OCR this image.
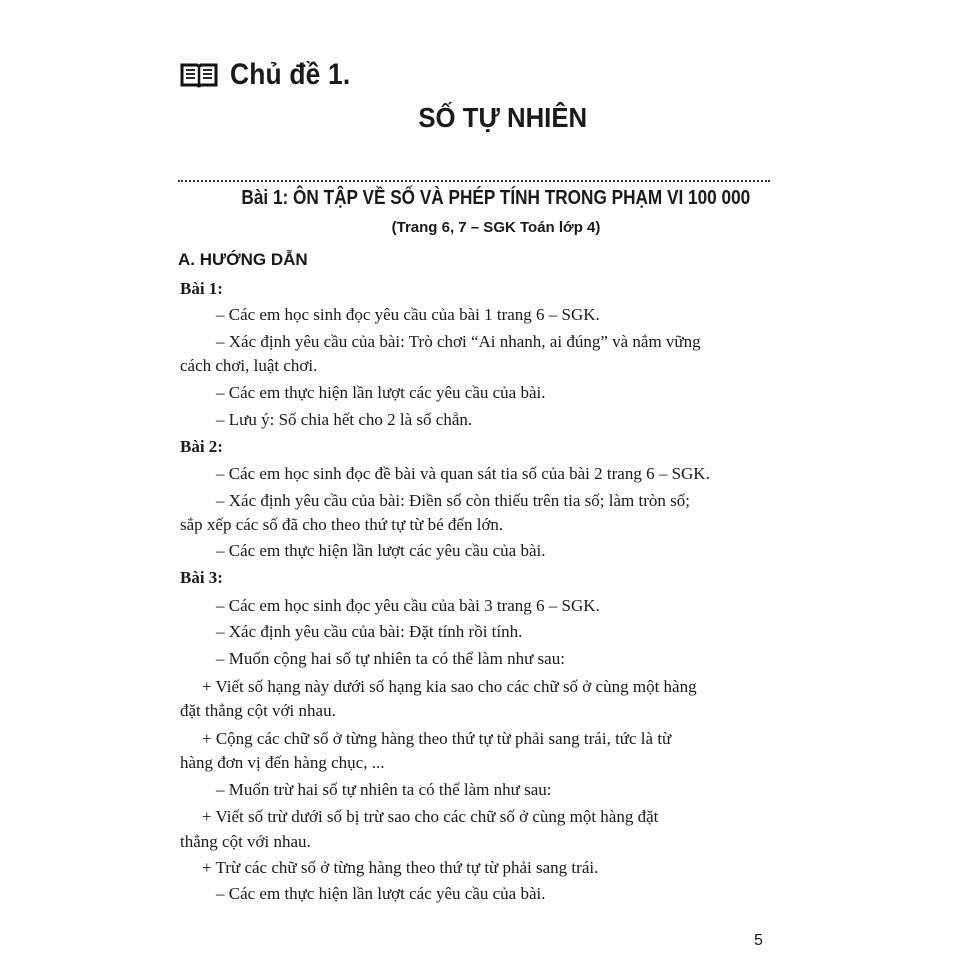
Chủ đề 1.
SỐ TỰ NHIÊN
Bài 1: ÔN TẬP VỀ SỐ VÀ PHÉP TÍNH TRONG PHẠM VI 100 000
(Trang 6, 7 – SGK Toán lớp 4)
A. HƯỚNG DẪN
Bài 1:
– Các em học sinh đọc yêu cầu của bài 1 trang 6 – SGK.
– Xác định yêu cầu của bài: Trò chơi “Ai nhanh, ai đúng” và nắm vững
cách chơi, luật chơi.
– Các em thực hiện lần lượt các yêu cầu của bài.
– Lưu ý: Số chia hết cho 2 là số chẵn.
Bài 2:
– Các em học sinh đọc đề bài và quan sát tia số của bài 2 trang 6 – SGK.
– Xác định yêu cầu của bài: Điền số còn thiếu trên tia số; làm tròn số;
sắp xếp các số đã cho theo thứ tự từ bé đến lớn.
– Các em thực hiện lần lượt các yêu cầu của bài.
Bài 3:
– Các em học sinh đọc yêu cầu của bài 3 trang 6 – SGK.
– Xác định yêu cầu của bài: Đặt tính rồi tính.
– Muốn cộng hai số tự nhiên ta có thể làm như sau:
+ Viết số hạng này dưới số hạng kia sao cho các chữ số ở cùng một hàng
đặt thẳng cột với nhau.
+ Cộng các chữ số ở từng hàng theo thứ tự từ phải sang trái, tức là từ
hàng đơn vị đến hàng chục, ...
– Muốn trừ hai số tự nhiên ta có thể làm như sau:
+ Viết số trừ dưới số bị trừ sao cho các chữ số ở cùng một hàng đặt
thẳng cột với nhau.
+ Trừ các chữ số ở từng hàng theo thứ tự từ phải sang trái.
– Các em thực hiện lần lượt các yêu cầu của bài.
5
